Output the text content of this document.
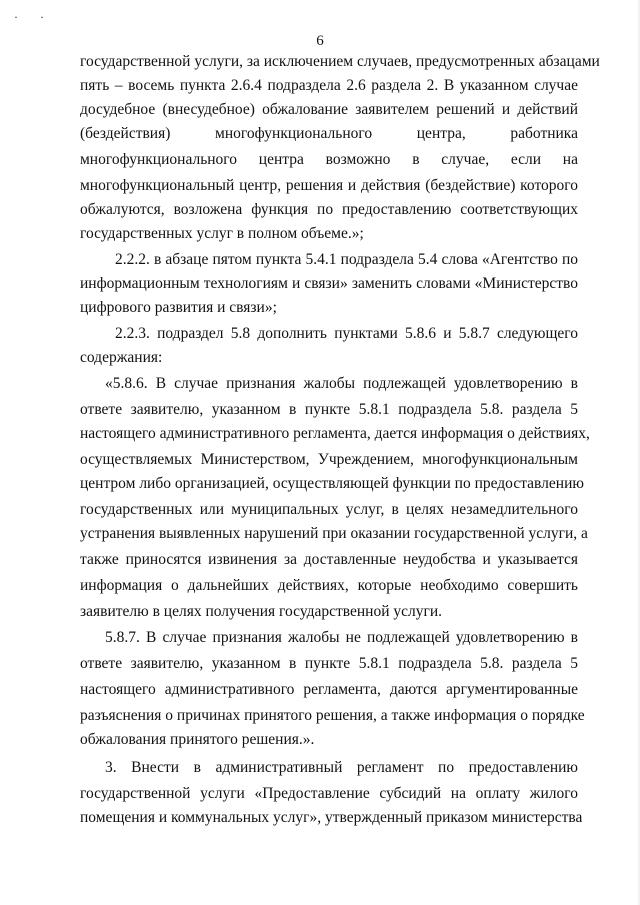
· ·
6
государственной услуги, за исключением случаев, предусмотренных абзацами
пять – восемь пункта 2.6.4 подраздела 2.6 раздела 2. В указанном случае
досудебное (внесудебное) обжалование заявителем решений и действий
(бездействия) многофункционального центра, работника
многофункционального центра возможно в случае, если на
многофункциональный центр, решения и действия (бездействие) которого
обжалуются, возложена функция по предоставлению соответствующих
государственных услуг в полном объеме.»;
2.2.2. в абзаце пятом пункта 5.4.1 подраздела 5.4 слова «Агентство по
информационным технологиям и связи» заменить словами «Министерство
цифрового развития и связи»;
2.2.3. подраздел 5.8 дополнить пунктами 5.8.6 и 5.8.7 следующего
содержания:
«5.8.6. В случае признания жалобы подлежащей удовлетворению в
ответе заявителю, указанном в пункте 5.8.1 подраздела 5.8. раздела 5
настоящего административного регламента, дается информация о действиях,
осуществляемых Министерством, Учреждением, многофункциональным
центром либо организацией, осуществляющей функции по предоставлению
государственных или муниципальных услуг, в целях незамедлительного
устранения выявленных нарушений при оказании государственной услуги, а
также приносятся извинения за доставленные неудобства и указывается
информация о дальнейших действиях, которые необходимо совершить
заявителю в целях получения государственной услуги.
5.8.7. В случае признания жалобы не подлежащей удовлетворению в
ответе заявителю, указанном в пункте 5.8.1 подраздела 5.8. раздела 5
настоящего административного регламента, даются аргументированные
разъяснения о причинах принятого решения, а также информация о порядке
обжалования принятого решения.».
3. Внести в административный регламент по предоставлению
государственной услуги «Предоставление субсидий на оплату жилого
помещения и коммунальных услуг», утвержденный приказом министерства
